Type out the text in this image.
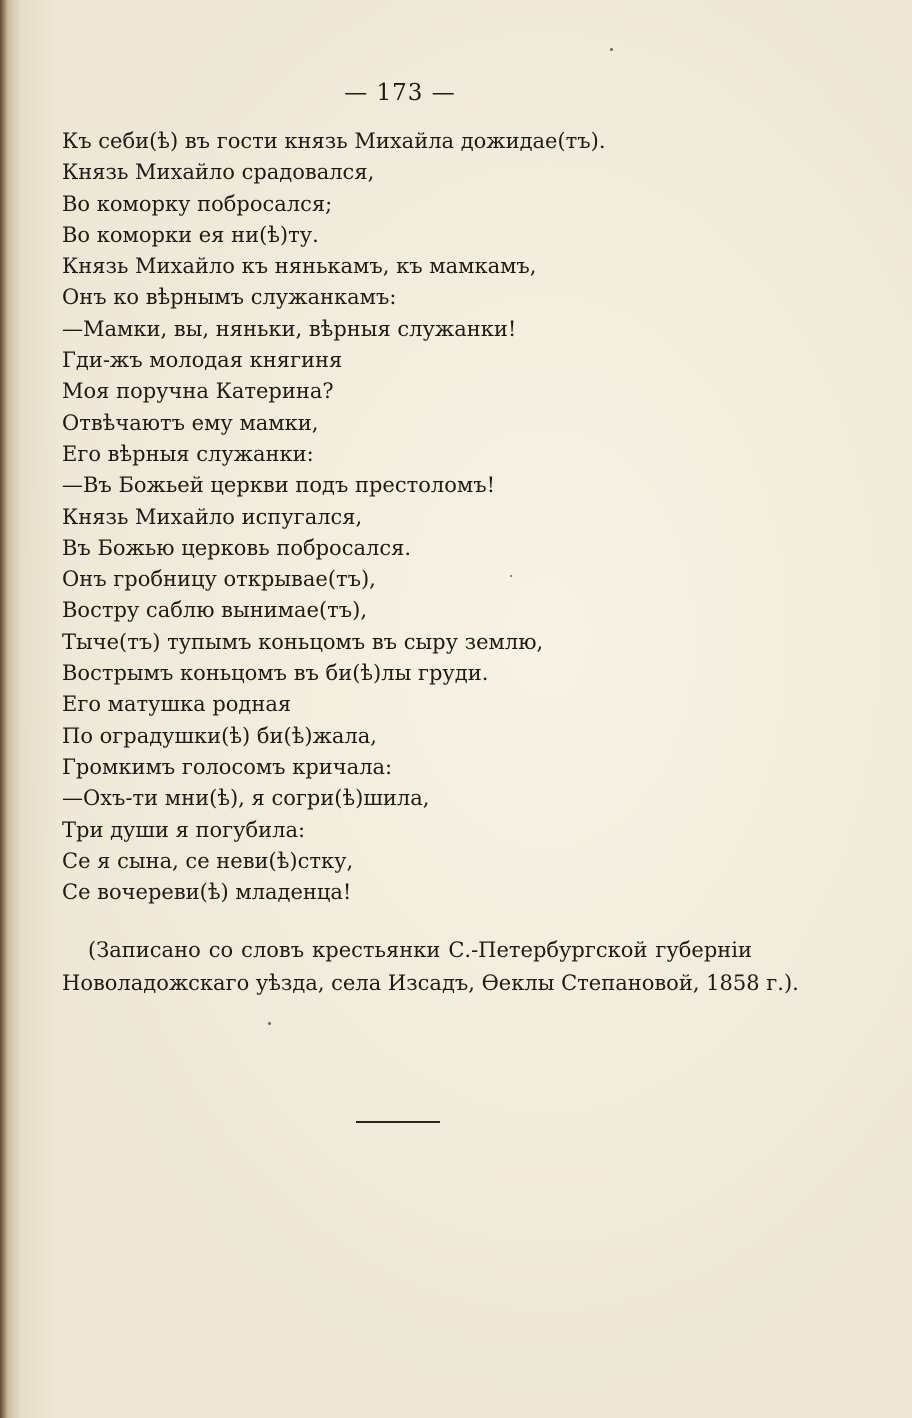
— 173 —
Къ себи(ѣ) въ гости князь Михайла дожидае(тъ).
Князь Михайло срадовался,
Во коморку побросался;
Во коморки ея ни(ѣ)ту.
Князь Михайло къ нянькамъ, къ мамкамъ,
Онъ ко вѣрнымъ служанкамъ:
—Мамки, вы, няньки, вѣрныя служанки!
Гди-жъ молодая княгиня
Моя поручна Катерина?
Отвѣчаютъ ему мамки,
Его вѣрныя служанки:
—Въ Божьей церкви подъ престоломъ!
Князь Михайло испугался,
Въ Божью церковь побросался.
Онъ гробницу открывае(тъ),
Востру саблю вынимае(тъ),
Тыче(тъ) тупымъ коньцомъ въ сыру землю,
Вострымъ коньцомъ въ би(ѣ)лы груди.
Его матушка родная
По оградушки(ѣ) би(ѣ)жала,
Громкимъ голосомъ кричала:
—Охъ-ти мни(ѣ), я согри(ѣ)шила,
Три души я погубила:
Се я сына, се неви(ѣ)стку,
Се вочереви(ѣ) младенца!
(Записано со словъ крестьянки С.-Петербургской губернiи
Новоладожскаго уѣзда, села Изсадъ, Ѳеклы Степановой, 1858 г.).
